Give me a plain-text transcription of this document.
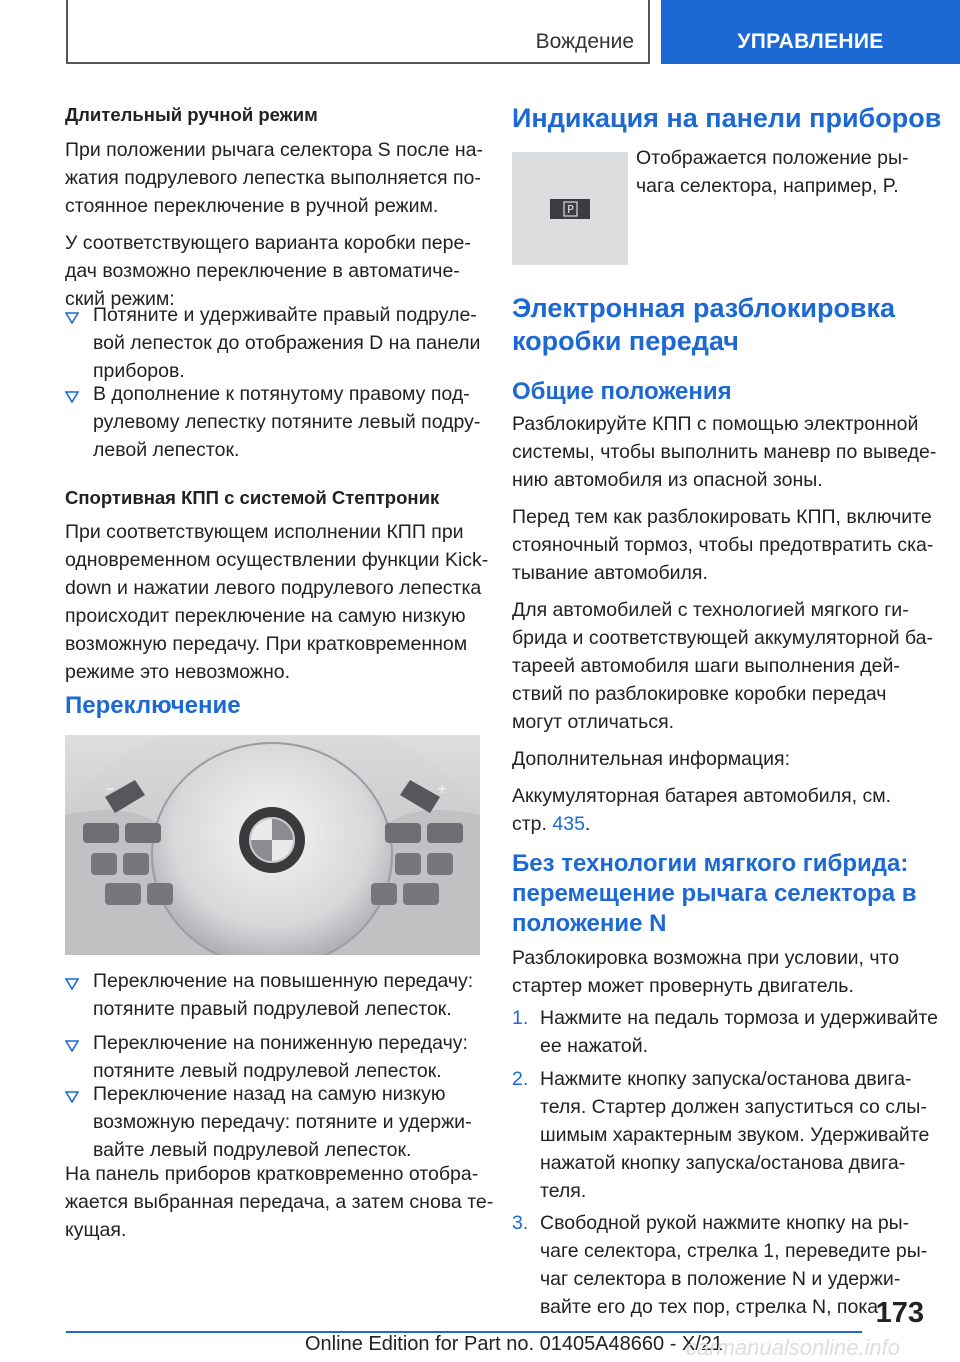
Вождение	УПРАВЛЕНИЕ
Длительный ручной режим
При положении рычага селектора S после на-
жатия подрулевого лепестка выполняется по-
стоянное переключение в ручной режим.
У соответствующего варианта коробки пере-
дач возможно переключение в автоматиче-
ский режим:
Потяните и удерживайте правый подруле-
вой лепесток до отображения D на панели
приборов.
В дополнение к потянутому правому под-
рулевому лепестку потяните левый подру-
левой лепесток.
Спортивная КПП с системой Стептроник
При соответствующем исполнении КПП при
одновременном осуществлении функции Kick-
down и нажатии левого подрулевого лепестка
происходит переключение на самую низкую
возможную передачу. При кратковременном
режиме это невозможно.
Переключение
+
−
Переключение на повышенную передачу:
потяните правый подрулевой лепесток.
Переключение на пониженную передачу:
потяните левый подрулевой лепесток.
Переключение назад на самую низкую
возможную передачу: потяните и удержи-
вайте левый подрулевой лепесток.
На панель приборов кратковременно отобра-
жается выбранная передача, а затем снова те-
кущая.
Индикация на панели приборов
Отображается положение ры-
чага селектора, например, P.
P
Электронная разблокировка
коробки передач
Общие положения
Разблокируйте КПП с помощью электронной
системы, чтобы выполнить маневр по выведе-
нию автомобиля из опасной зоны.
Перед тем как разблокировать КПП, включите
стояночный тормоз, чтобы предотвратить ска-
тывание автомобиля.
Для автомобилей с технологией мягкого ги-
брида и соответствующей аккумуляторной ба-
тареей автомобиля шаги выполнения дей-
ствий по разблокировке коробки передач
могут отличаться.
Дополнительная информация:
Аккумуляторная батарея автомобиля, см.
стр. 435.
Без технологии мягкого гибрида:
перемещение рычага селектора в
положение N
Разблокировка возможна при условии, что
стартер может провернуть двигатель.
1. Нажмите на педаль тормоза и удерживайте
ее нажатой.
2. Нажмите кнопку запуска/останова двига-
теля. Стартер должен запуститься со слы-
шимым характерным звуком. Удерживайте
нажатой кнопку запуска/останова двига-
теля.
3. Свободной рукой нажмите кнопку на ры-
чаге селектора, стрелка 1, переведите ры-
чаг селектора в положение N и удержи-
вайте его до тех пор, стрелка N, пока
173
Online Edition for Part no. 01405A48660 - X/21
carmanualsonline.info
